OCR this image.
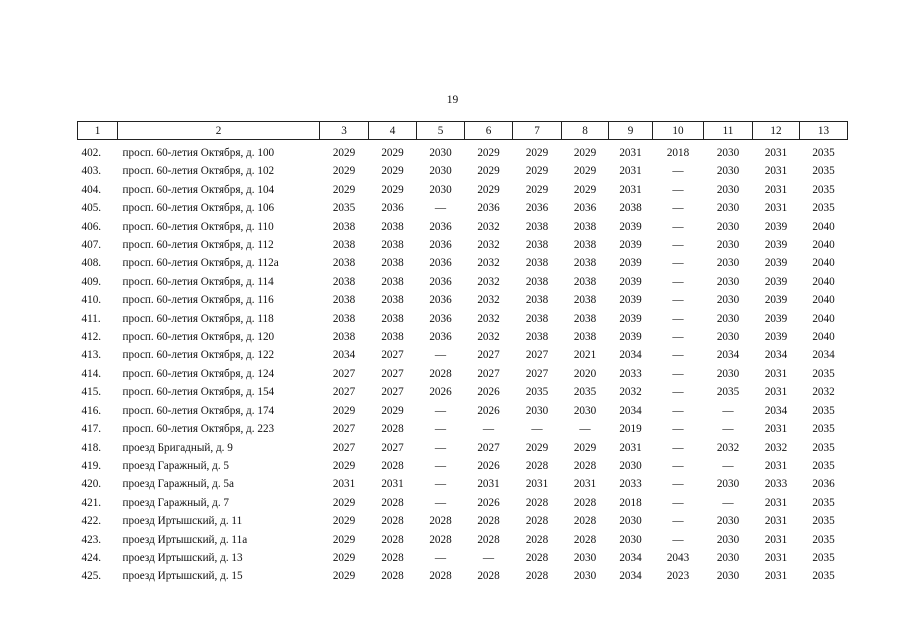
19
1	2	3	4	5	6	7	8	9	10	11	12	13
402.	просп. 60-летия Октября, д. 100	2029	2029	2030	2029	2029	2029	2031	2018	2030	2031	2035
403.	просп. 60-летия Октября, д. 102	2029	2029	2030	2029	2029	2029	2031	—	2030	2031	2035
404.	просп. 60-летия Октября, д. 104	2029	2029	2030	2029	2029	2029	2031	—	2030	2031	2035
405.	просп. 60-летия Октября, д. 106	2035	2036	—	2036	2036	2036	2038	—	2030	2031	2035
406.	просп. 60-летия Октября, д. 110	2038	2038	2036	2032	2038	2038	2039	—	2030	2039	2040
407.	просп. 60-летия Октября, д. 112	2038	2038	2036	2032	2038	2038	2039	—	2030	2039	2040
408.	просп. 60-летия Октября, д. 112а	2038	2038	2036	2032	2038	2038	2039	—	2030	2039	2040
409.	просп. 60-летия Октября, д. 114	2038	2038	2036	2032	2038	2038	2039	—	2030	2039	2040
410.	просп. 60-летия Октября, д. 116	2038	2038	2036	2032	2038	2038	2039	—	2030	2039	2040
411.	просп. 60-летия Октября, д. 118	2038	2038	2036	2032	2038	2038	2039	—	2030	2039	2040
412.	просп. 60-летия Октября, д. 120	2038	2038	2036	2032	2038	2038	2039	—	2030	2039	2040
413.	просп. 60-летия Октября, д. 122	2034	2027	—	2027	2027	2021	2034	—	2034	2034	2034
414.	просп. 60-летия Октября, д. 124	2027	2027	2028	2027	2027	2020	2033	—	2030	2031	2035
415.	просп. 60-летия Октября, д. 154	2027	2027	2026	2026	2035	2035	2032	—	2035	2031	2032
416.	просп. 60-летия Октября, д. 174	2029	2029	—	2026	2030	2030	2034	—	—	2034	2035
417.	просп. 60-летия Октября, д. 223	2027	2028	—	—	—	—	2019	—	—	2031	2035
418.	проезд Бригадный, д. 9	2027	2027	—	2027	2029	2029	2031	—	2032	2032	2035
419.	проезд Гаражный, д. 5	2029	2028	—	2026	2028	2028	2030	—	—	2031	2035
420.	проезд Гаражный, д. 5а	2031	2031	—	2031	2031	2031	2033	—	2030	2033	2036
421.	проезд Гаражный, д. 7	2029	2028	—	2026	2028	2028	2018	—	—	2031	2035
422.	проезд Иртышский, д. 11	2029	2028	2028	2028	2028	2028	2030	—	2030	2031	2035
423.	проезд Иртышский, д. 11а	2029	2028	2028	2028	2028	2028	2030	—	2030	2031	2035
424.	проезд Иртышский, д. 13	2029	2028	—	—	2028	2030	2034	2043	2030	2031	2035
425.	проезд Иртышский, д. 15	2029	2028	2028	2028	2028	2030	2034	2023	2030	2031	2035
